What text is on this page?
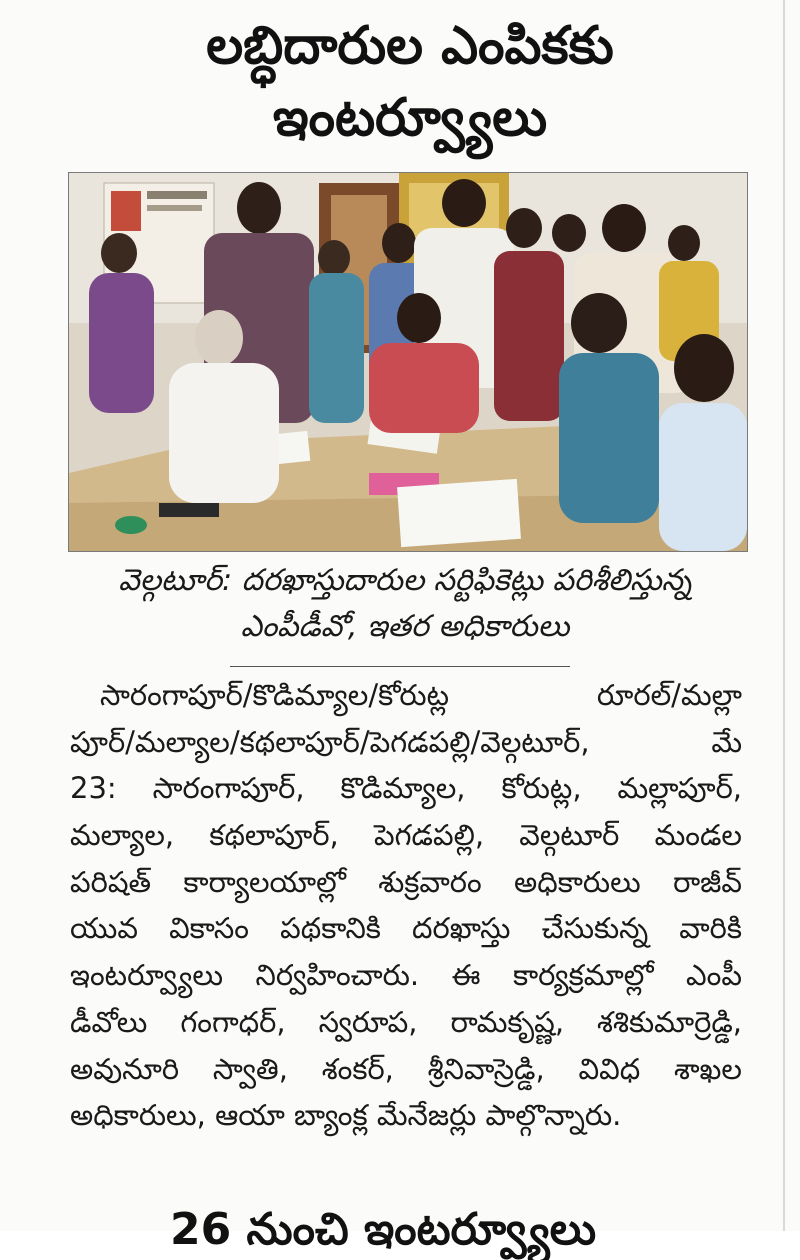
లబ్ధిదారుల ఎంపికకు
ఇంటర్వ్యూలు
వెల్గటూర్: దరఖాస్తుదారుల సర్టిఫికెట్లు పరిశీలిస్తున్న
ఎంపీడీవో, ఇతర అధికారులు
సారంగాపూర్/కొడిమ్యాల/కోరుట్ల రూరల్/మల్లా
పూర్/మల్యాల/కథలాపూర్/పెగడపల్లి/వెల్గటూర్, మే
23: సారంగాపూర్, కొడిమ్యాల, కోరుట్ల, మల్లాపూర్,
మల్యాల, కథలాపూర్, పెగడపల్లి, వెల్గటూర్ మండల
పరిషత్ కార్యాలయాల్లో శుక్రవారం అధికారులు రాజీవ్
యువ వికాసం పథకానికి దరఖాస్తు చేసుకున్న వారికి
ఇంటర్వ్యూలు నిర్వహించారు. ఈ కార్యక్రమాల్లో ఎంపీ
డీవోలు గంగాధర్, స్వరూప, రామకృష్ణ, శశికుమార్రెడ్డి,
అవునూరి స్వాతి, శంకర్, శ్రీనివాస్రెడ్డి, వివిధ శాఖల
అధికారులు, ఆయా బ్యాంక్ల మేనేజర్లు పాల్గొన్నారు.
26 నుంచి ఇంటర్వ్యూలు
